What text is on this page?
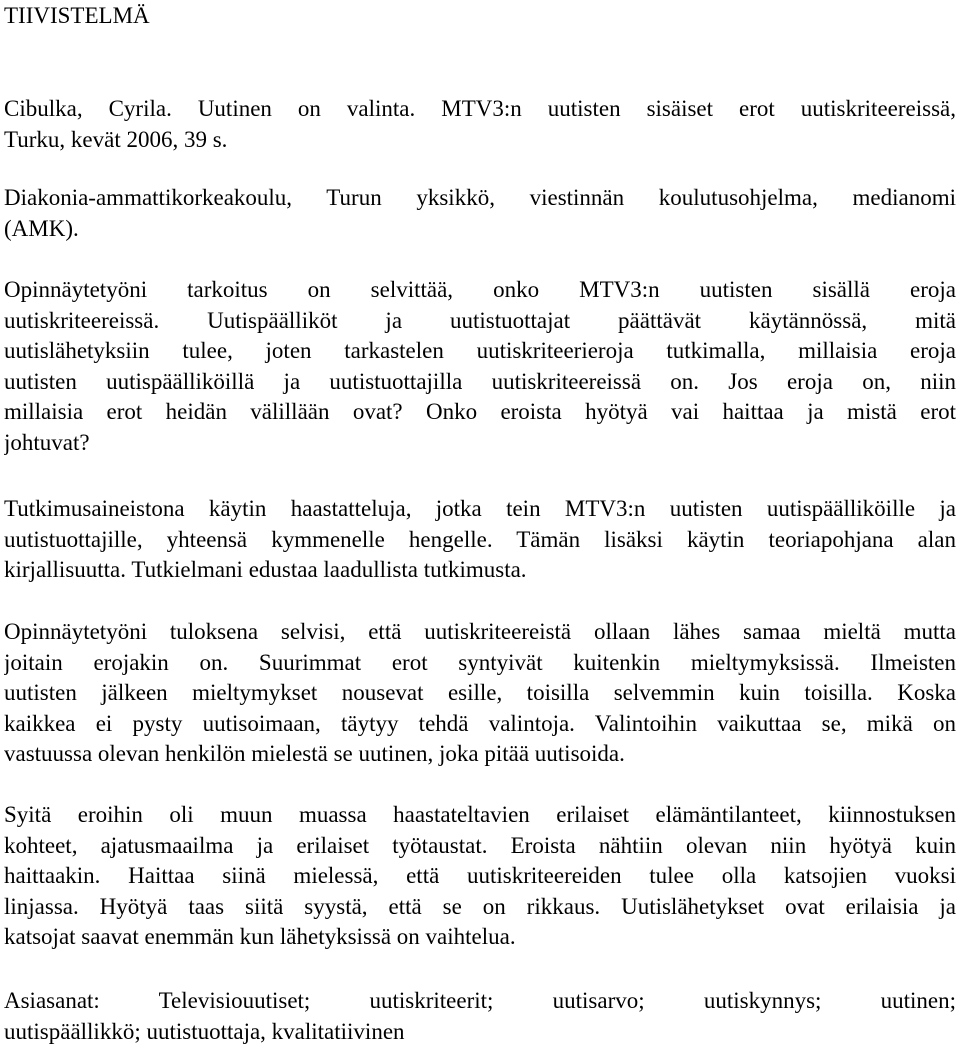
TIIVISTELMÄ
Cibulka, Cyrila. Uutinen on valinta. MTV3:n uutisten sisäiset erot uutiskriteereissä,
Turku, kevät 2006, 39 s.
Diakonia-ammattikorkeakoulu, Turun yksikkö, viestinnän koulutusohjelma, medianomi
(AMK).
Opinnäytetyöni tarkoitus on selvittää, onko MTV3:n uutisten sisällä eroja
uutiskriteereissä. Uutispäälliköt ja uutistuottajat päättävät käytännössä, mitä
uutislähetyksiin tulee, joten tarkastelen uutiskriteerieroja tutkimalla, millaisia eroja
uutisten uutispäälliköillä ja uutistuottajilla uutiskriteereissä on. Jos eroja on, niin
millaisia erot heidän välillään ovat? Onko eroista hyötyä vai haittaa ja mistä erot
johtuvat?
Tutkimusaineistona käytin haastatteluja, jotka tein MTV3:n uutisten uutispäälliköille ja
uutistuottajille, yhteensä kymmenelle hengelle. Tämän lisäksi käytin teoriapohjana alan
kirjallisuutta. Tutkielmani edustaa laadullista tutkimusta.
Opinnäytetyöni tuloksena selvisi, että uutiskriteereistä ollaan lähes samaa mieltä mutta
joitain erojakin on. Suurimmat erot syntyivät kuitenkin mieltymyksissä. Ilmeisten
uutisten jälkeen mieltymykset nousevat esille, toisilla selvemmin kuin toisilla. Koska
kaikkea ei pysty uutisoimaan, täytyy tehdä valintoja. Valintoihin vaikuttaa se, mikä on
vastuussa olevan henkilön mielestä se uutinen, joka pitää uutisoida.
Syitä eroihin oli muun muassa haastateltavien erilaiset elämäntilanteet, kiinnostuksen
kohteet, ajatusmaailma ja erilaiset työtaustat. Eroista nähtiin olevan niin hyötyä kuin
haittaakin. Haittaa siinä mielessä, että uutiskriteereiden tulee olla katsojien vuoksi
linjassa. Hyötyä taas siitä syystä, että se on rikkaus. Uutislähetykset ovat erilaisia ja
katsojat saavat enemmän kun lähetyksissä on vaihtelua.
Asiasanat: Televisiouutiset; uutiskriteerit; uutisarvo; uutiskynnys; uutinen;
uutispäällikkö; uutistuottaja, kvalitatiivinen
